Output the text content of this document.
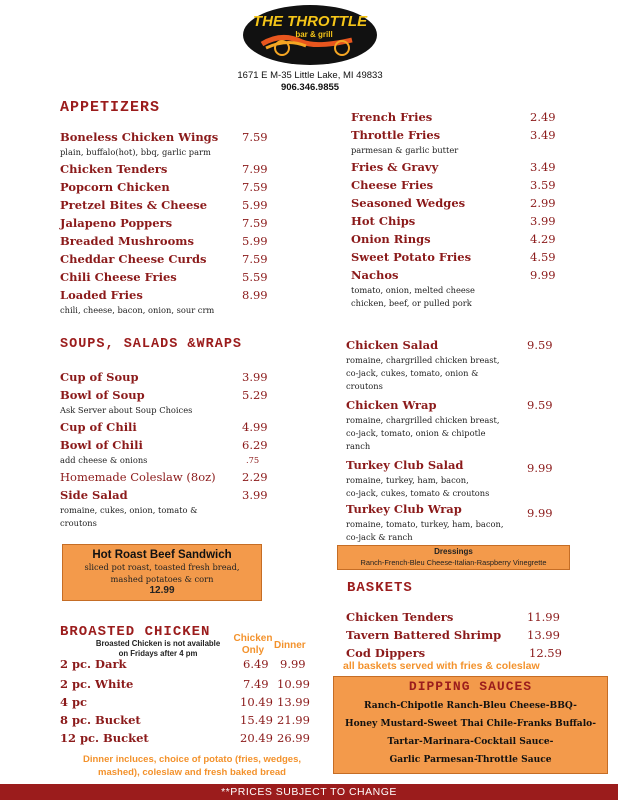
THE THROTTLE
bar & grill
1671 E M-35 Little Lake, MI 49833
906.346.9855
APPETIZERS
Boneless Chicken Wings 7.59
plain, buffalo(hot), bbq, garlic parm
Chicken Tenders	7.99
Popcorn Chicken	7.59
Pretzel Bites & Cheese	5.99
Jalapeno Poppers	7.59
Breaded Mushrooms	5.99
Cheddar Cheese Curds	7.59
Chili Cheese Fries	5.59
Loaded Fries	8.99
chili, cheese, bacon, onion, sour crm
French Fries	2.49
Throttle Fries	3.49
parmesan & garlic butter
Fries & Gravy	3.49
Cheese Fries	3.59
Seasoned Wedges	2.99
Hot Chips	3.99
Onion Rings	4.29
Sweet Potato Fries	4.59
Nachos	9.99
tomato, onion, melted cheese
chicken, beef, or pulled pork
SOUPS, SALADS &WRAPS
Cup of Soup	3.99
Bowl of Soup	5.29
Ask Server about Soup Choices
Cup of Chili	4.99
Bowl of Chili	6.29
add cheese & onions	.75
Homemade Coleslaw (8oz) 2.29
Side Salad	3.99
romaine, cukes, onion, tomato &
croutons
Chicken Salad	9.59
romaine, chargrilled chicken breast,
co-jack, cukes, tomato, onion &
croutons
Chicken Wrap	9.59
romaine, chargrilled chicken breast,
co-jack, tomato, onion & chipotle
ranch
Turkey Club Salad	9.99
romaine, turkey, ham, bacon,
co-jack, cukes, tomato & croutons
Turkey Club Wrap	9.99
romaine, tomato, turkey, ham, bacon,
co-jack & ranch
Hot Roast Beef Sandwich
sliced pot roast, toasted fresh bread,
mashed potatoes & corn
12.99
Dressings
Ranch-French-Bleu Cheese-Italian-Raspberry Vinegrette
BROASTED CHICKEN
Broasted Chicken is not available
on Fridays after 4 pm
Chicken
Only Dinner
2 pc. Dark	6.49 9.99
2 pc. White	7.49 10.99
4 pc	10.49 13.99
8 pc. Bucket	15.49 21.99
12 pc. Bucket	20.49 26.99
Dinner incluces, choice of potato (fries, wedges,
mashed), coleslaw and fresh baked bread
BASKETS
Chicken Tenders	11.99
Tavern Battered Shrimp 13.99
Cod Dippers	12.59
all baskets served with fries & coleslaw
DIPPING SAUCES
Ranch-Chipotle Ranch-Bleu Cheese-BBQ-
Honey Mustard-Sweet Thai Chile-Franks Buffalo-
Tartar-Marinara-Cocktail Sauce-
Garlic Parmesan-Throttle Sauce
**PRICES SUBJECT TO CHANGE
